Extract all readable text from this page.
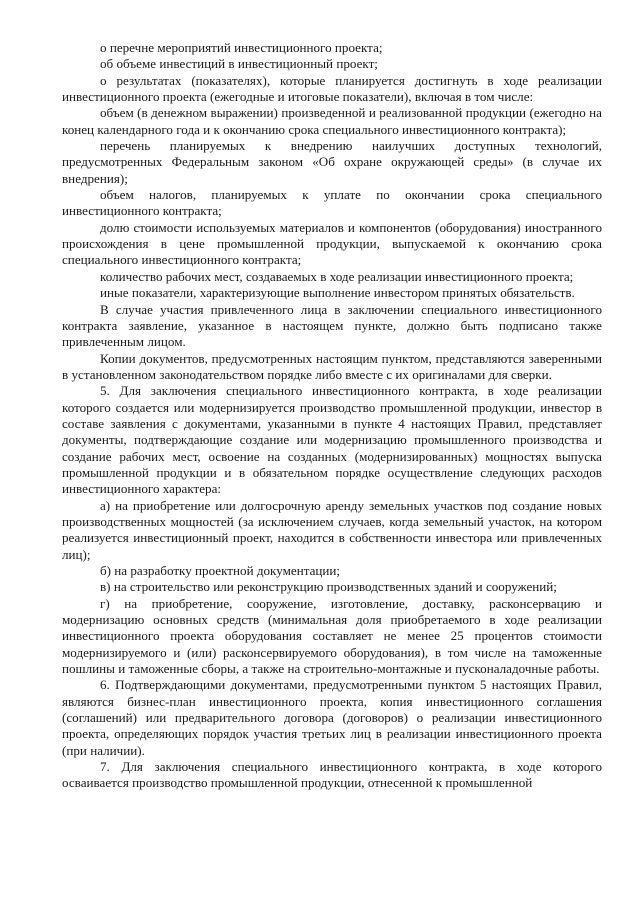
о перечне мероприятий инвестиционного проекта;

об объеме инвестиций в инвестиционный проект;

о результатах (показателях), которые планируется достигнуть в ходе реализации инвестиционного проекта (ежегодные и итоговые показатели), включая в том числе:

объем (в денежном выражении) произведенной и реализованной продукции (ежегодно на конец календарного года и к окончанию срока специального инвестиционного контракта);

перечень планируемых к внедрению наилучших доступных технологий, предусмотренных Федеральным законом «Об охране окружающей среды» (в случае их внедрения);

объем налогов, планируемых к уплате по окончании срока специального инвестиционного контракта;

долю стоимости используемых материалов и компонентов (оборудования) иностранного происхождения в цене промышленной продукции, выпускаемой к окончанию срока специального инвестиционного контракта;

количество рабочих мест, создаваемых в ходе реализации инвестиционного проекта;

иные показатели, характеризующие выполнение инвестором принятых обязательств.

В случае участия привлеченного лица в заключении специального инвестиционного контракта заявление, указанное в настоящем пункте, должно быть подписано также привлеченным лицом.

Копии документов, предусмотренных настоящим пунктом, представляются заверенными в установленном законодательством порядке либо вместе с их оригиналами для сверки.

5. Для заключения специального инвестиционного контракта, в ходе реализации которого создается или модернизируется производство промышленной продукции, инвестор в составе заявления с документами, указанными в пункте 4 настоящих Правил, представляет документы, подтверждающие создание или модернизацию промышленного производства и создание рабочих мест, освоение на созданных (модернизированных) мощностях выпуска промышленной продукции и в обязательном порядке осуществление следующих расходов инвестиционного характера:

а) на приобретение или долгосрочную аренду земельных участков под создание новых производственных мощностей (за исключением случаев, когда земельный участок, на котором реализуется инвестиционный проект, находится в собственности инвестора или привлеченных лиц);

б) на разработку проектной документации;

в) на строительство или реконструкцию производственных зданий и сооружений;

г) на приобретение, сооружение, изготовление, доставку, расконсервацию и модернизацию основных средств (минимальная доля приобретаемого в ходе реализации инвестиционного проекта оборудования составляет не менее 25 процентов стоимости модернизируемого и (или) расконсервируемого оборудования), в том числе на таможенные пошлины и таможенные сборы, а также на строительно-монтажные и пусконаладочные работы.

6. Подтверждающими документами, предусмотренными пунктом 5 настоящих Правил, являются бизнес-план инвестиционного проекта, копия инвестиционного соглашения (соглашений) или предварительного договора (договоров) о реализации инвестиционного проекта, определяющих порядок участия третьих лиц в реализации инвестиционного проекта (при наличии).

7. Для заключения специального инвестиционного контракта, в ходе которого осваивается производство промышленной продукции, отнесенной к промышленной
